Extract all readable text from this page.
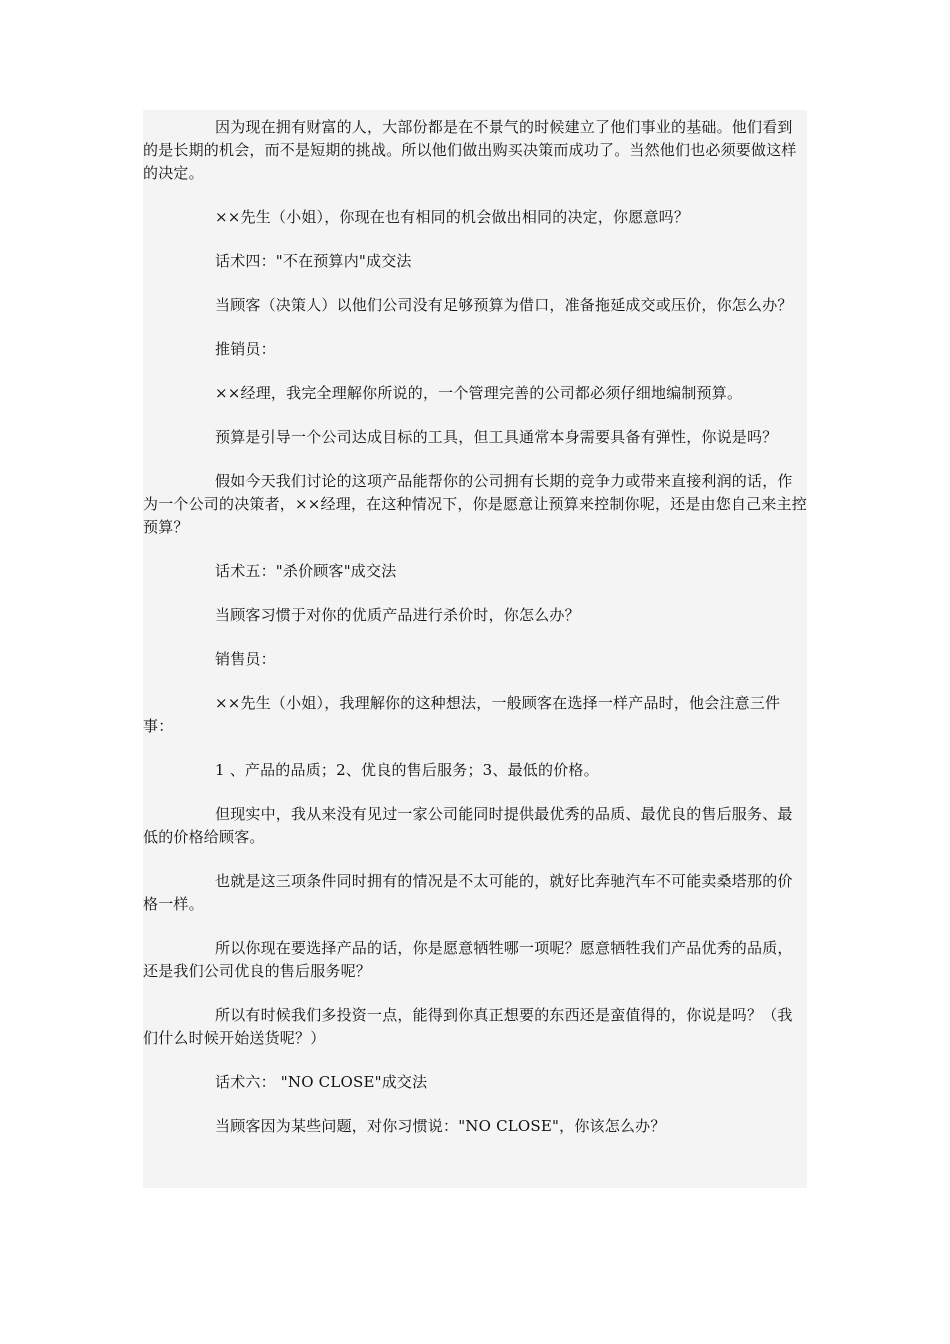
因为现在拥有财富的人，大部份都是在不景气的时候建立了他们事业的基础。他们看到的是长期的机会，而不是短期的挑战。所以他们做出购买决策而成功了。当然他们也必须要做这样的决定。

××先生（小姐），你现在也有相同的机会做出相同的决定，你愿意吗？

话术四："不在预算内"成交法

当顾客（决策人）以他们公司没有足够预算为借口，准备拖延成交或压价，你怎么办？

推销员：

××经理，我完全理解你所说的，一个管理完善的公司都必须仔细地编制预算。

预算是引导一个公司达成目标的工具，但工具通常本身需要具备有弹性，你说是吗？

假如今天我们讨论的这项产品能帮你的公司拥有长期的竞争力或带来直接利润的话，作为一个公司的决策者，××经理，在这种情况下，你是愿意让预算来控制你呢，还是由您自己来主控预算？

话术五："杀价顾客"成交法

当顾客习惯于对你的优质产品进行杀价时，你怎么办？

销售员：

××先生（小姐），我理解你的这种想法，一般顾客在选择一样产品时，他会注意三件事：

1 、产品的品质；2、优良的售后服务；3、最低的价格。

但现实中，我从来没有见过一家公司能同时提供最优秀的品质、最优良的售后服务、最低的价格给顾客。

也就是这三项条件同时拥有的情况是不太可能的，就好比奔驰汽车不可能卖桑塔那的价格一样。

所以你现在要选择产品的话，你是愿意牺牲哪一项呢？愿意牺牲我们产品优秀的品质，还是我们公司优良的售后服务呢？

所以有时候我们多投资一点，能得到你真正想要的东西还是蛮值得的，你说是吗？（我们什么时候开始送货呢？）

话术六： "NO CLOSE"成交法

当顾客因为某些问题，对你习惯说："NO CLOSE"，你该怎么办？
